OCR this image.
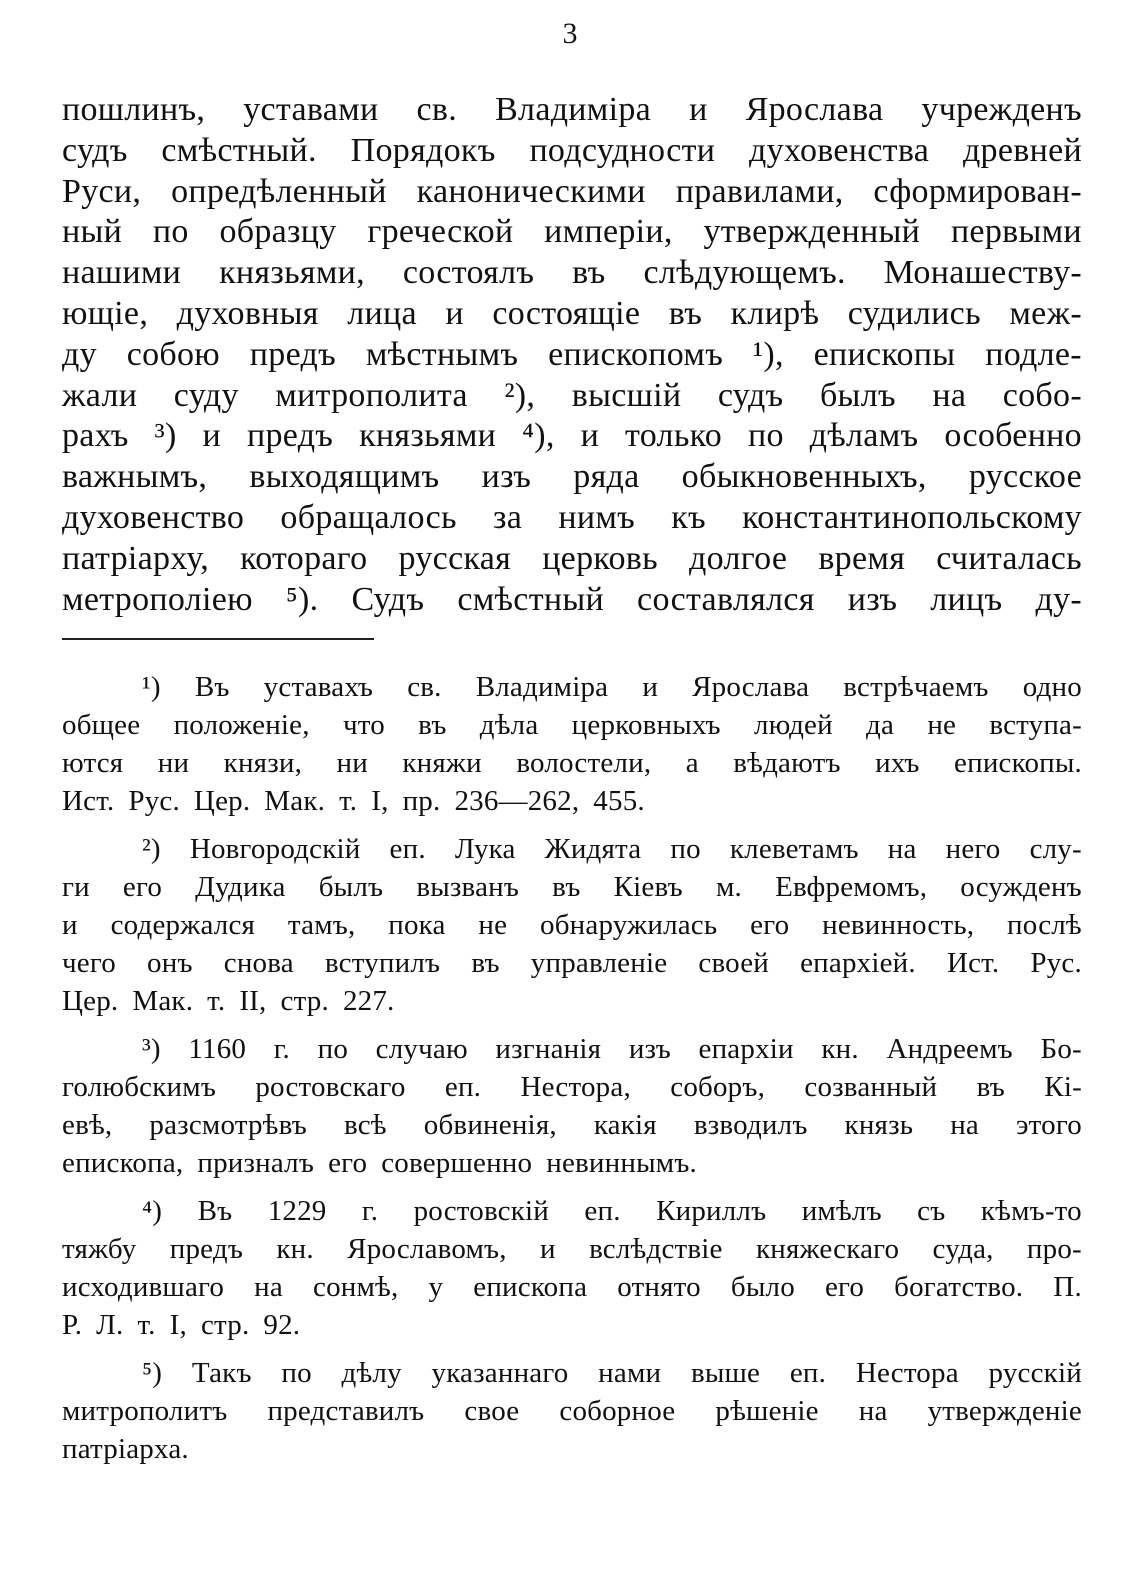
3
пошлинъ, уставами св. Владиміра и Ярослава учрежденъ
судъ смѣстный. Порядокъ подсудности духовенства древней
Руси, опредѣленный каноническими правилами, сформирован-
ный по образцу греческой имперіи, утвержденный первыми
нашими князьями, состоялъ въ слѣдующемъ. Монашеству-
ющіе, духовныя лица и состоящіе въ клирѣ судились меж-
ду собою предъ мѣстнымъ епископомъ ¹), епископы подле-
жали суду митрополита ²), высшій судъ былъ на собо-
рахъ ³) и предъ князьями ⁴), и только по дѣламъ особенно
важнымъ, выходящимъ изъ ряда обыкновенныхъ, русское
духовенство обращалось за нимъ къ константинопольскому
патріарху, котораго русская церковь долгое время считалась
метрополіею ⁵). Судъ смѣстный составлялся изъ лицъ ду-
¹) Въ уставахъ св. Владиміра и Ярослава встрѣчаемъ одно
общее положеніе, что въ дѣла церковныхъ людей да не вступа-
ются ни князи, ни княжи волостели, а вѣдаютъ ихъ епископы.
Ист. Рус. Цер. Мак. т. I, пр. 236—262, 455.
²) Новгородскій еп. Лука Жидята по клеветамъ на него слу-
ги его Дудика былъ вызванъ въ Кіевъ м. Евфремомъ, осужденъ
и содержался тамъ, пока не обнаружилась его невинность, послѣ
чего онъ снова вступилъ въ управленіе своей епархіей. Ист. Рус.
Цер. Мак. т. II, стр. 227.
³) 1160 г. по случаю изгнанія изъ епархіи кн. Андреемъ Бо-
голюбскимъ ростовскаго еп. Нестора, соборъ, созванный въ Кі-
евѣ, разсмотрѣвъ всѣ обвиненія, какія взводилъ князь на этого
епископа, призналъ его совершенно невиннымъ.
⁴) Въ 1229 г. ростовскій еп. Кириллъ имѣлъ съ кѣмъ-то
тяжбу предъ кн. Ярославомъ, и вслѣдствіе княжескаго суда, про-
исходившаго на сонмѣ, у епископа отнято было его богатство. П.
Р. Л. т. I, стр. 92.
⁵) Такъ по дѣлу указаннаго нами выше еп. Нестора русскій
митрополитъ представилъ свое соборное рѣшеніе на утвержденіе
патріарха.
